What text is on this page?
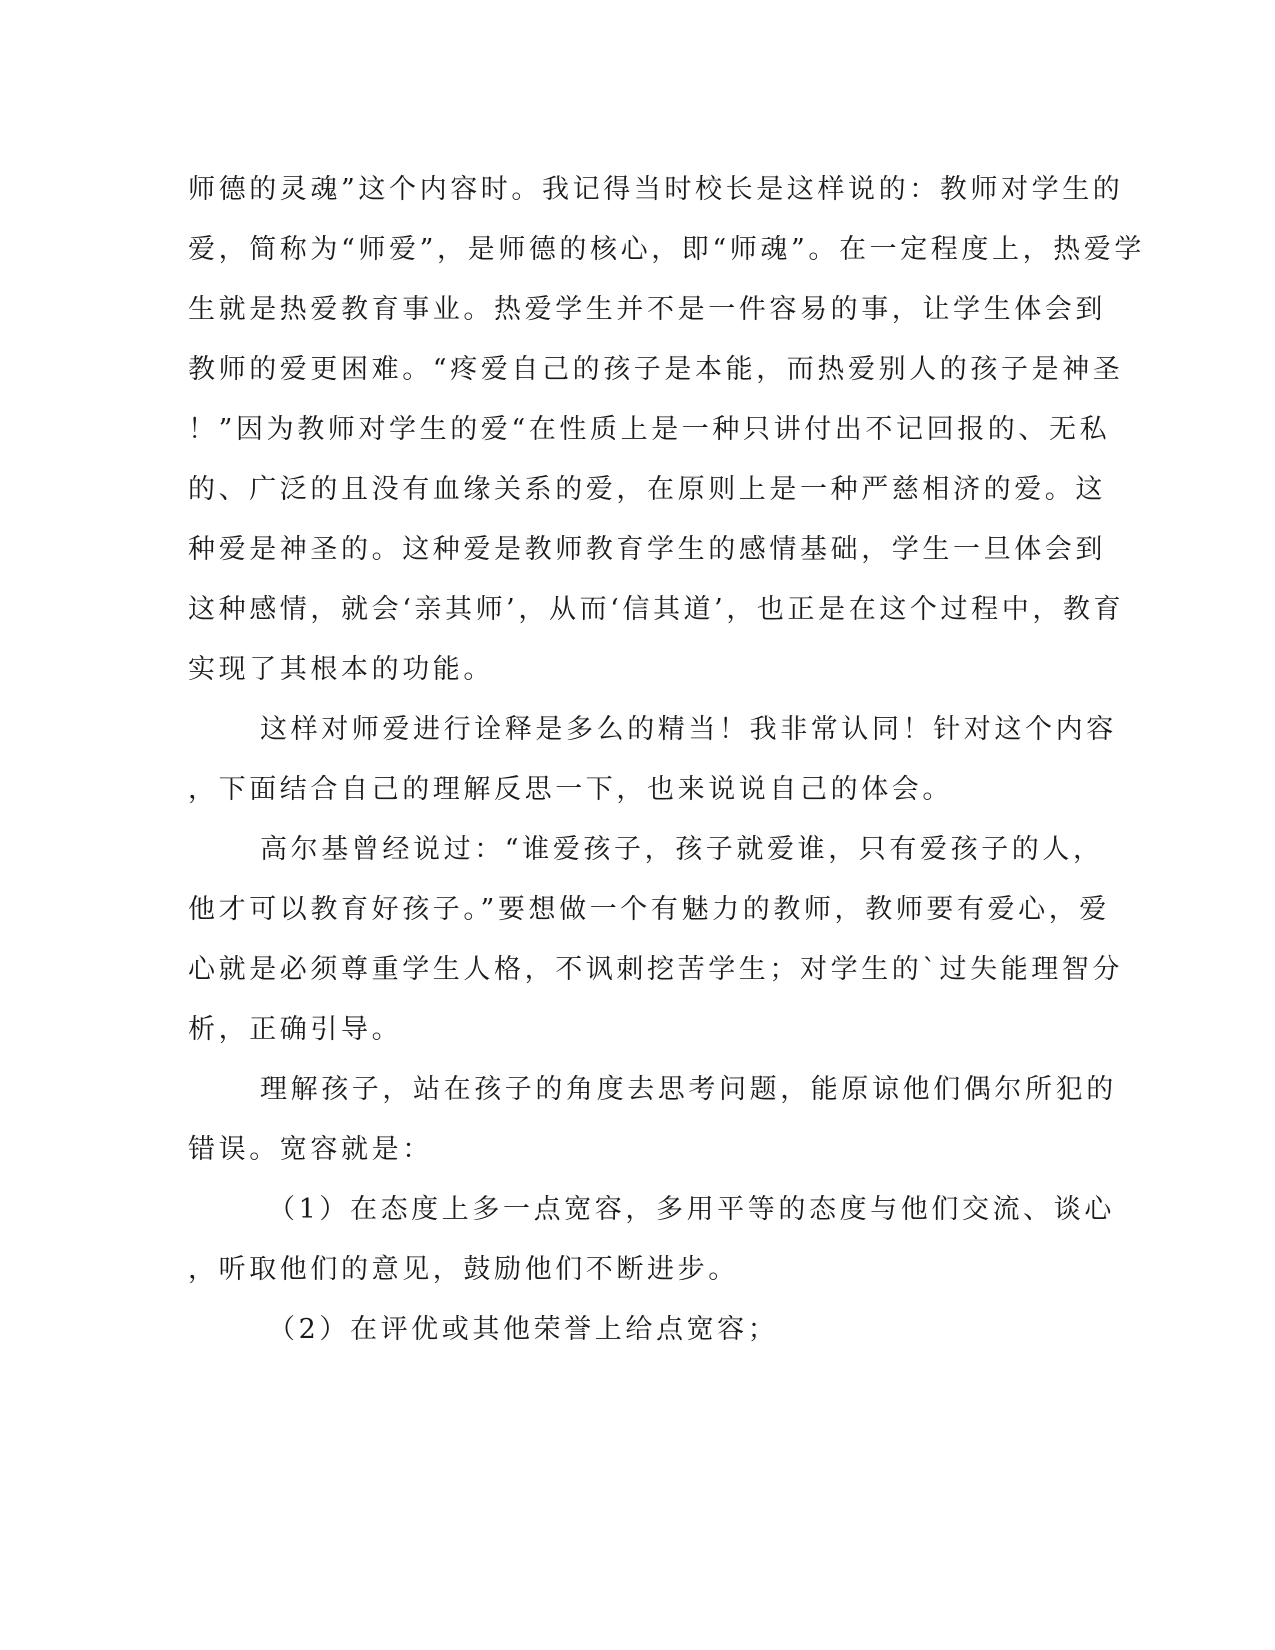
师德的灵魂”这个内容时。我记得当时校长是这样说的：教师对学生的
爱，简称为“师爱”，是师德的核心，即“师魂”。在一定程度上，热爱学
生就是热爱教育事业。热爱学生并不是一件容易的事，让学生体会到
教师的爱更困难。“疼爱自己的孩子是本能，而热爱别人的孩子是神圣
！”因为教师对学生的爱“在性质上是一种只讲付出不记回报的、无私
的、广泛的且没有血缘关系的爱，在原则上是一种严慈相济的爱。这
种爱是神圣的。这种爱是教师教育学生的感情基础，学生一旦体会到
这种感情，就会‘亲其师’，从而‘信其道’，也正是在这个过程中，教育
实现了其根本的功能。
这样对师爱进行诠释是多么的精当！我非常认同！针对这个内容
，下面结合自己的理解反思一下，也来说说自己的体会。
高尔基曾经说过：“谁爱孩子，孩子就爱谁，只有爱孩子的人，
他才可以教育好孩子。”要想做一个有魅力的教师，教师要有爱心，爱
心就是必须尊重学生人格，不讽刺挖苦学生；对学生的`过失能理智分
析，正确引导。
理解孩子，站在孩子的角度去思考问题，能原谅他们偶尔所犯的
错误。宽容就是：
（1）在态度上多一点宽容，多用平等的态度与他们交流、谈心
，听取他们的意见，鼓励他们不断进步。
（2）在评优或其他荣誉上给点宽容；
